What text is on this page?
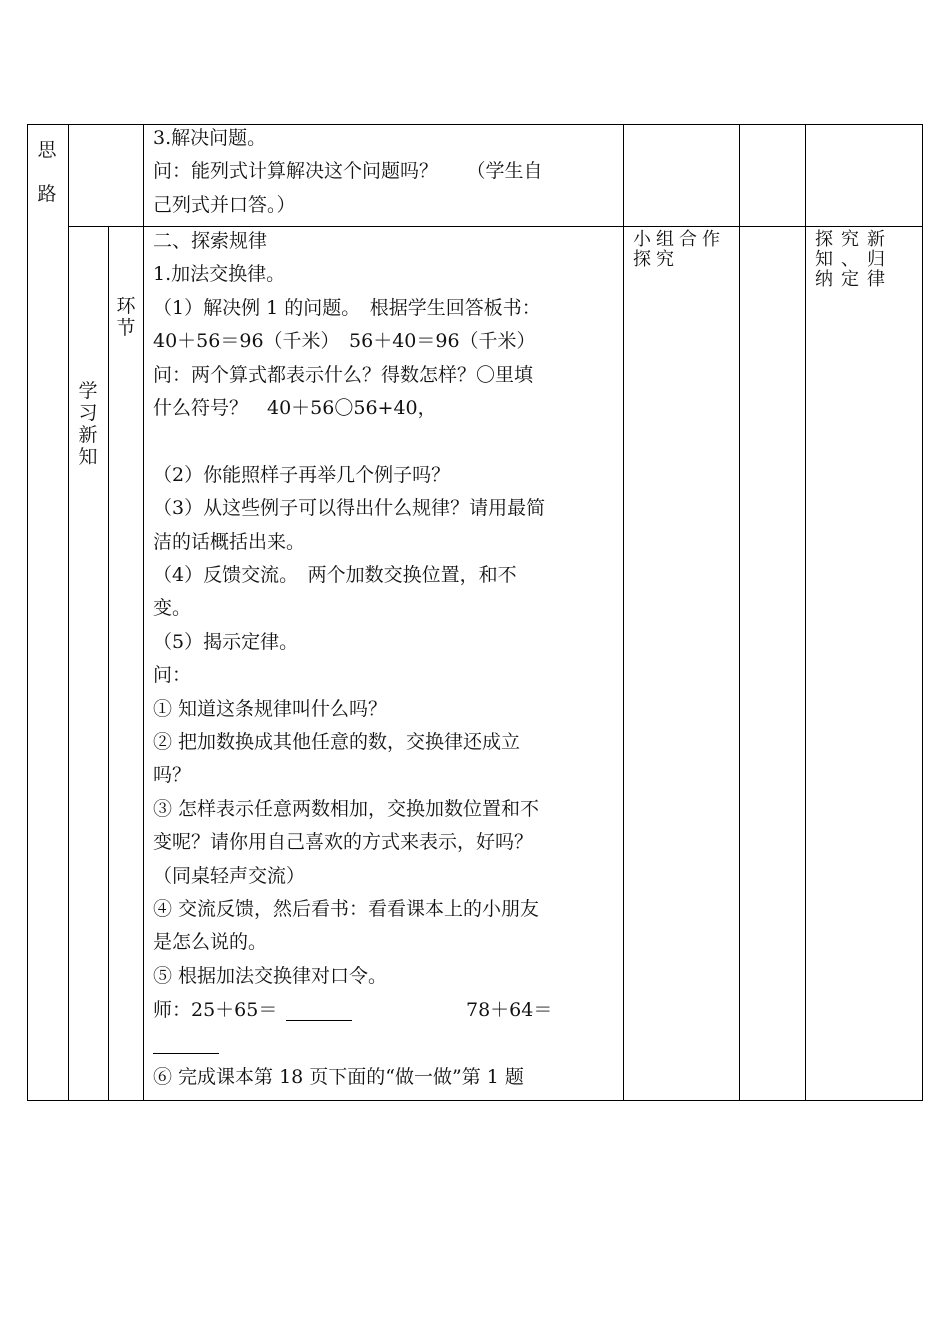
思路
学习新知
环节
3.解决问题。
问：能列式计算解决这个问题吗？　　（学生自
己列式并口答。）
二、探索规律
1.加法交换律。
（1）解决例 1 的问题。　根据学生回答板书：
40＋56＝96（千米）　56＋40＝96（千米）
问：两个算式都表示什么？得数怎样？〇里填
什么符号？　40＋56〇56+40，
（2）你能照样子再举几个例子吗？
（3）从这些例子可以得出什么规律？请用最简
洁的话概括出来。
（4）反馈交流。　两个加数交换位置，和不
变。
（5）揭示定律。
问：
① 知道这条规律叫什么吗？
② 把加数换成其他任意的数，交换律还成立
吗？
③ 怎样表示任意两数相加，交换加数位置和不
变呢？请你用自己喜欢的方式来表示，好吗？
（同桌轻声交流）
④ 交流反馈，然后看书：看看课本上的小朋友
是怎么说的。
⑤ 根据加法交换律对口令。
师：25＋65＝	78＋64＝
⑥ 完成课本第 18 页下面的“做一做”第 1 题
小组合作探究
探究新知、归纳定律
